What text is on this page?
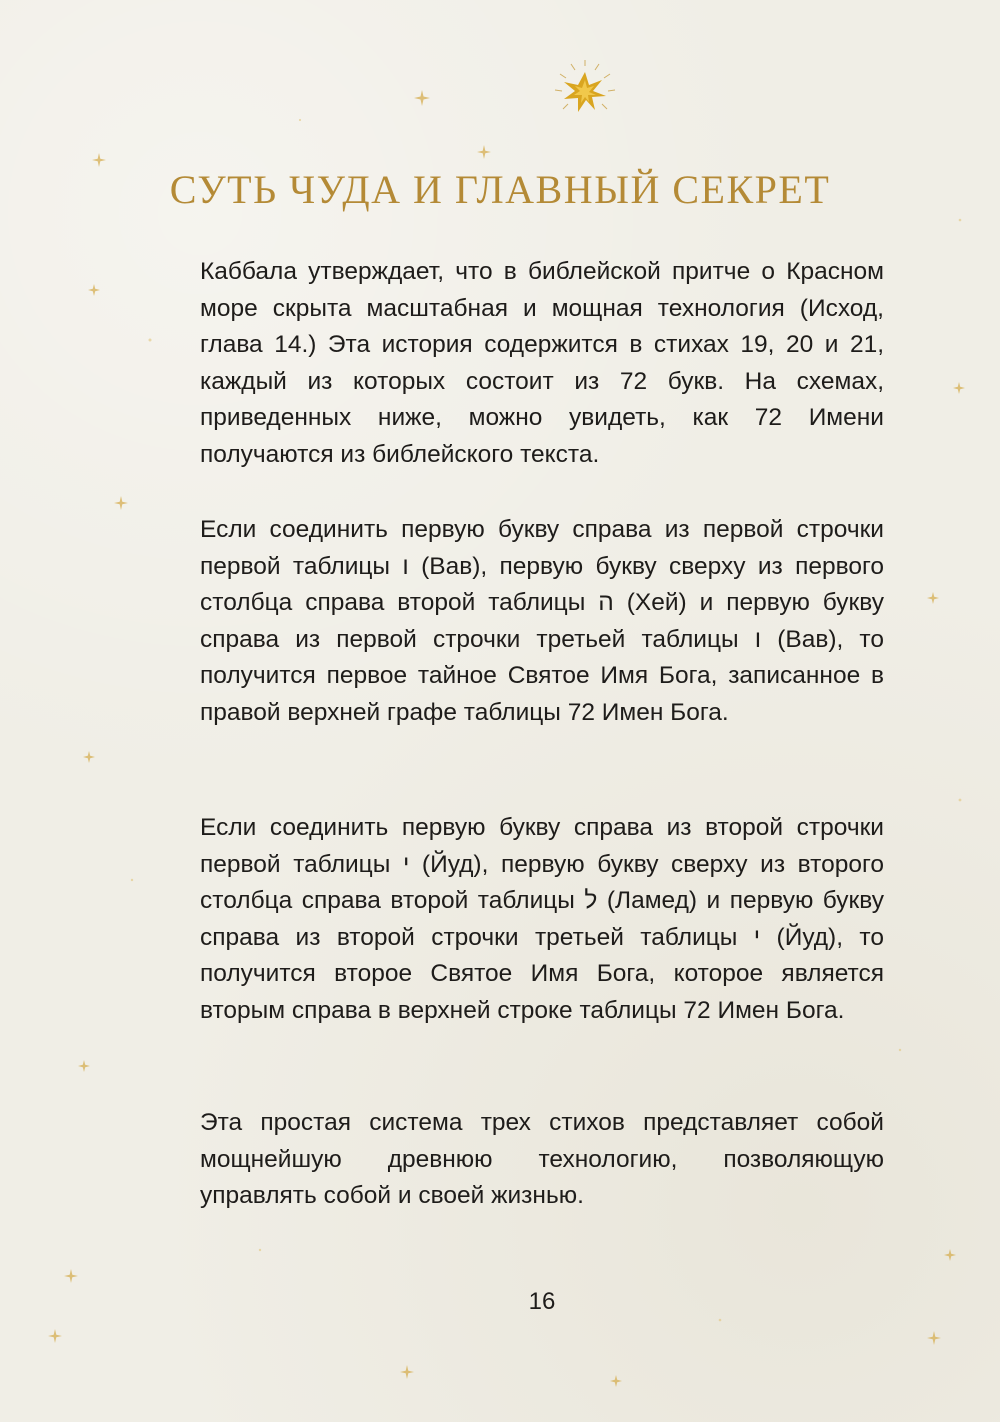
СУТЬ ЧУДА И ГЛАВНЫЙ СЕКРЕТ

Каббала утверждает, что в библейской притче о Красном море скрыта масштабная и мощная технология (Исход, глава 14.) Эта история содержится в стихах 19, 20 и 21, каждый из которых состоит из 72 букв. На схемах, приведенных ниже, можно увидеть, как 72 Имени получаются из библейского текста.

Если соединить первую букву справа из первой строчки первой таблицы ו (Вав), первую букву сверху из первого столбца справа второй таблицы ה (Хей) и первую букву справа из первой строчки третьей таблицы ו (Вав), то получится первое тайное Святое Имя Бога, записанное в правой верхней графе таблицы 72 Имен Бога.

Если соединить первую букву справа из второй строчки первой таблицы י (Йуд), первую букву сверху из второго столбца справа второй таблицы ל (Ламед) и первую букву справа из второй строчки третьей таблицы י (Йуд), то получится второе Святое Имя Бога, которое является вторым справа в верхней строке таблицы 72 Имен Бога.

Эта простая система трех стихов представляет собой мощнейшую древнюю технологию, позволяющую управлять собой и своей жизнью.

16
